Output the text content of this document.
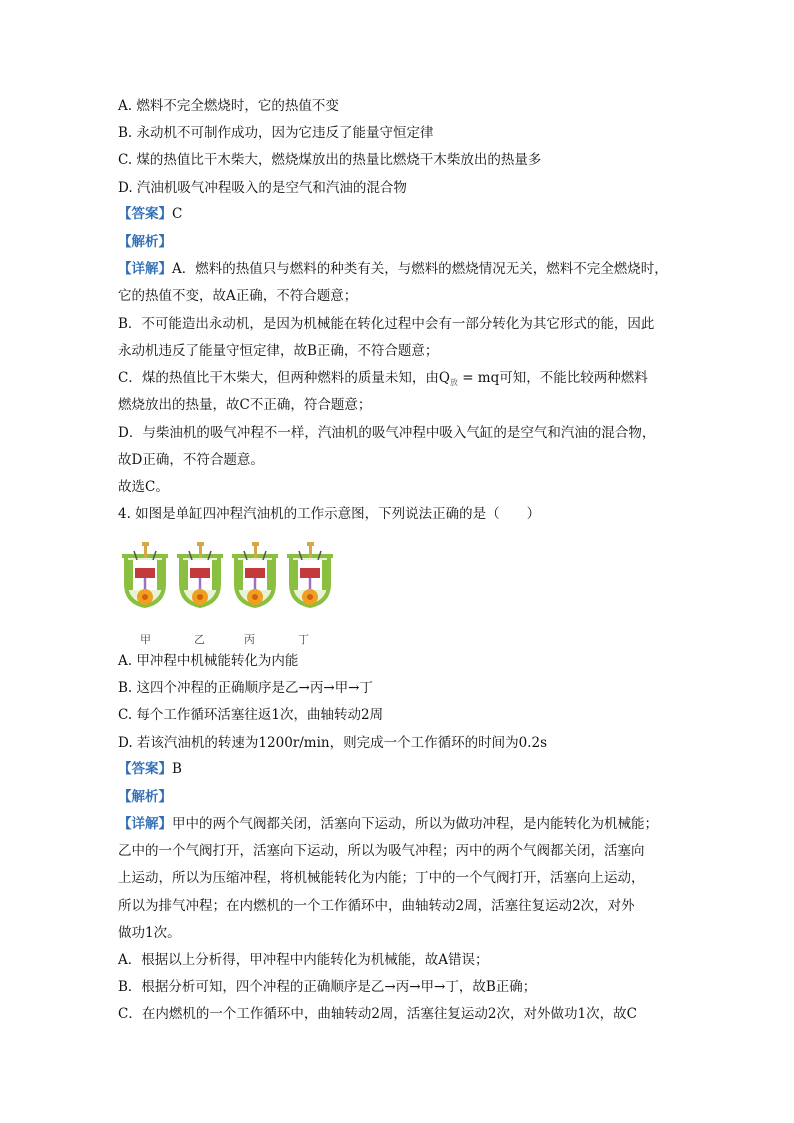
A. 燃料不完全燃烧时，它的热值不变
B. 永动机不可制作成功，因为它违反了能量守恒定律
C. 煤的热值比干木柴大，燃烧煤放出的热量比燃烧干木柴放出的热量多
D. 汽油机吸气冲程吸入的是空气和汽油的混合物
【答案】C
【解析】
【详解】A．燃料的热值只与燃料的种类有关，与燃料的燃烧情况无关，燃料不完全燃烧时，
它的热值不变，故A正确，不符合题意；
B．不可能造出永动机，是因为机械能在转化过程中会有一部分转化为其它形式的能，因此
永动机违反了能量守恒定律，故B正确，不符合题意；
C．煤的热值比干木柴大，但两种燃料的质量未知，由$Q_放$ = mq可知，不能比较两种燃料
燃烧放出的热量，故C不正确，符合题意；
D．与柴油机的吸气冲程不一样，汽油机的吸气冲程中吸入气缸的是空气和汽油的混合物，
故D正确，不符合题意。
故选C。
4. 如图是单缸四冲程汽油机的工作示意图，下列说法正确的是（　　）
甲	乙	丙	丁
A. 甲冲程中机械能转化为内能
B. 这四个冲程的正确顺序是乙→丙→甲→丁
C. 每个工作循环活塞往返1次，曲轴转动2周
D. 若该汽油机的转速为1200r/min，则完成一个工作循环的时间为0.2s
【答案】B
【解析】
【详解】甲中的两个气阀都关闭，活塞向下运动，所以为做功冲程，是内能转化为机械能；
乙中的一个气阀打开，活塞向下运动，所以为吸气冲程；丙中的两个气阀都关闭，活塞向
上运动，所以为压缩冲程，将机械能转化为内能；丁中的一个气阀打开，活塞向上运动，
所以为排气冲程；在内燃机的一个工作循环中，曲轴转动2周，活塞往复运动2次，对外
做功1次。
A．根据以上分析得，甲冲程中内能转化为机械能，故A错误；
B．根据分析可知，四个冲程的正确顺序是乙→丙→甲→丁，故B正确；
C．在内燃机的一个工作循环中，曲轴转动2周，活塞往复运动2次，对外做功1次，故C
